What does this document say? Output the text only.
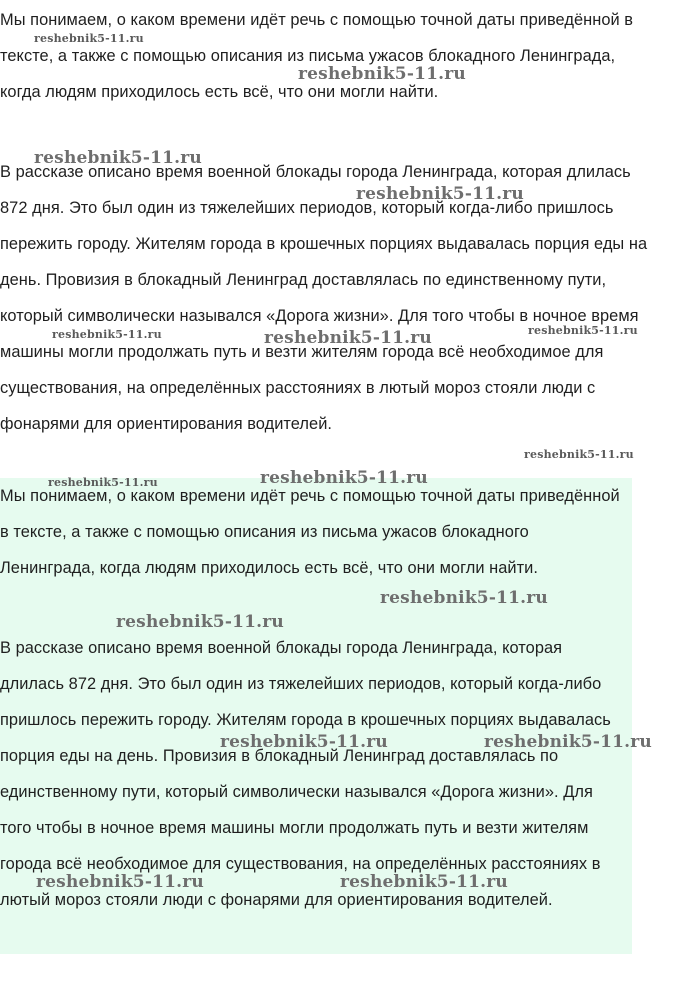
Мы понимаем, о каком времени идёт речь с помощью точной даты приведённой в тексте, а также с помощью описания из письма ужасов блокадного Ленинграда, когда людям приходилось есть всё, что они могли найти.

В рассказе описано время военной блокады города Ленинграда, которая длилась 872 дня. Это был один из тяжелейших периодов, который когда-либо пришлось пережить городу. Жителям города в крошечных порциях выдавалась порция еды на день. Провизия в блокадный Ленинград доставлялась по единственному пути, который символически назывался «Дорога жизни». Для того чтобы в ночное время машины могли продолжать путь и везти жителям города всё необходимое для существования, на определённых расстояниях в лютый мороз стояли люди с фонарями для ориентирования водителей.

Мы понимаем, о каком времени идёт речь с помощью точной даты приведённой в тексте, а также с помощью описания из письма ужасов блокадного Ленинграда, когда людям приходилось есть всё, что они могли найти.

В рассказе описано время военной блокады города Ленинграда, которая длилась 872 дня. Это был один из тяжелейших периодов, который когда-либо пришлось пережить городу. Жителям города в крошечных порциях выдавалась порция еды на день. Провизия в блокадный Ленинград доставлялась по единственному пути, который символически назывался «Дорога жизни». Для того чтобы в ночное время машины могли продолжать путь и везти жителям города всё необходимое для существования, на определённых расстояниях в лютый мороз стояли люди с фонарями для ориентирования водителей.

reshebnik5-11.ru
reshebnik5-11.ru
reshebnik5-11.ru
reshebnik5-11.ru
reshebnik5-11.ru	reshebnik5-11.ru	reshebnik5-11.ru
reshebnik5-11.ru
reshebnik5-11.ru	reshebnik5-11.ru
reshebnik5-11.ru
reshebnik5-11.ru
reshebnik5-11.ru	reshebnik5-11.ru
reshebnik5-11.ru	reshebnik5-11.ru
